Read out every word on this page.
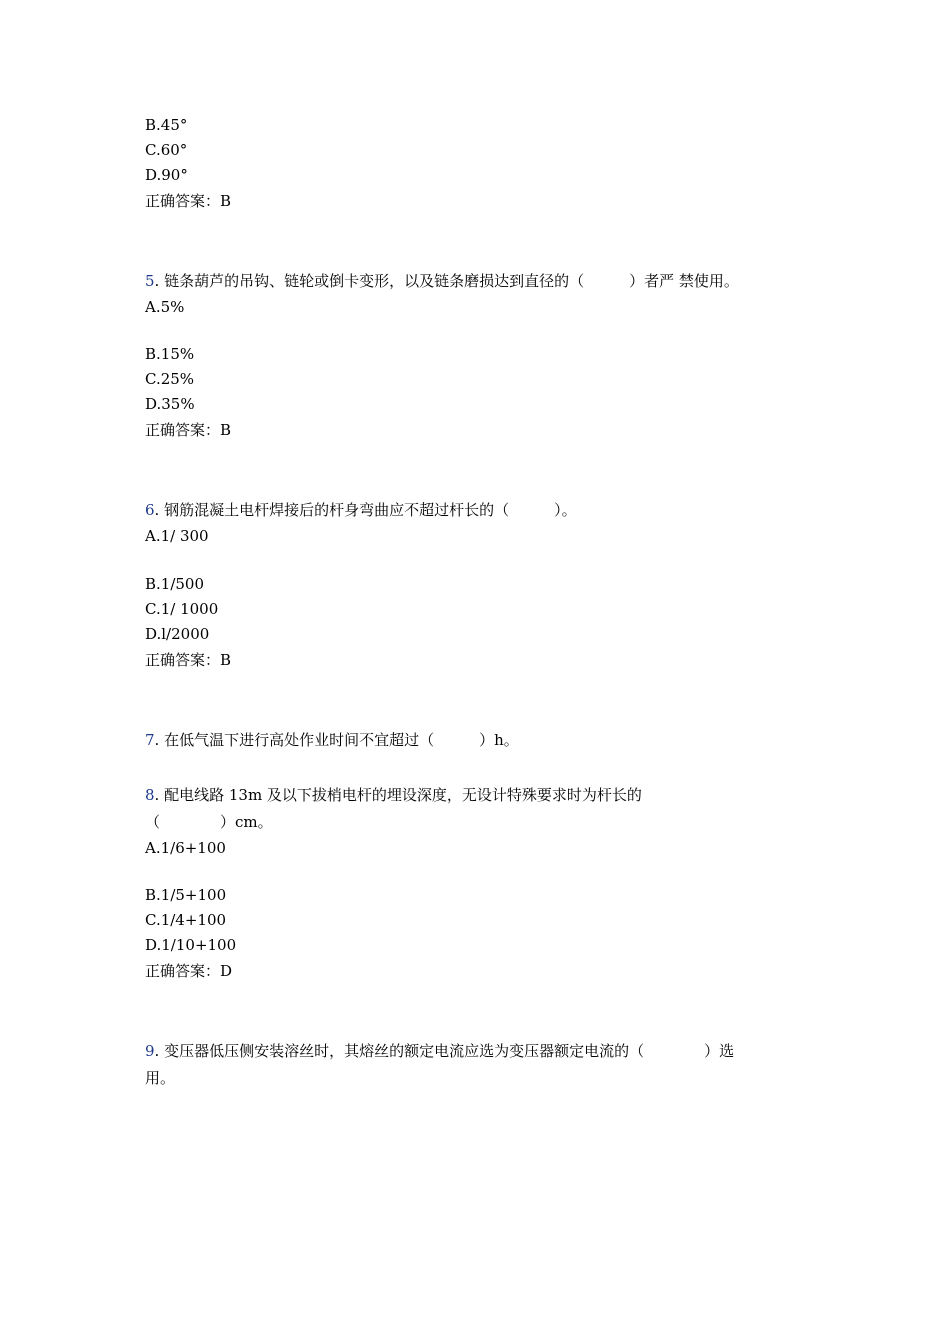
B.45°
C.60°
D.90°
正确答案：B
5. 链条葫芦的吊钩、链轮或倒卡变形，以及链条磨损达到直径的（　　　）者严 禁使用。
A.5%
B.15%
C.25%
D.35%
正确答案：B
6. 钢筋混凝土电杆焊接后的杆身弯曲应不超过杆长的（　　　）。
A.1/ 300
B.1/500
C.1/ 1000
D.l/2000
正确答案：B
7. 在低气温下进行高处作业时间不宜超过（　　　）h。
8. 配电线路 13m 及以下拔梢电杆的埋设深度，无设计特殊要求时为杆长的
（　　　　）cm。
A.1/6+100
B.1/5+100
C.1/4+100
D.1/10+100
正确答案：D
9. 变压器低压侧安装溶丝时，其熔丝的额定电流应选为变压器额定电流的（　　　　）选
用。
